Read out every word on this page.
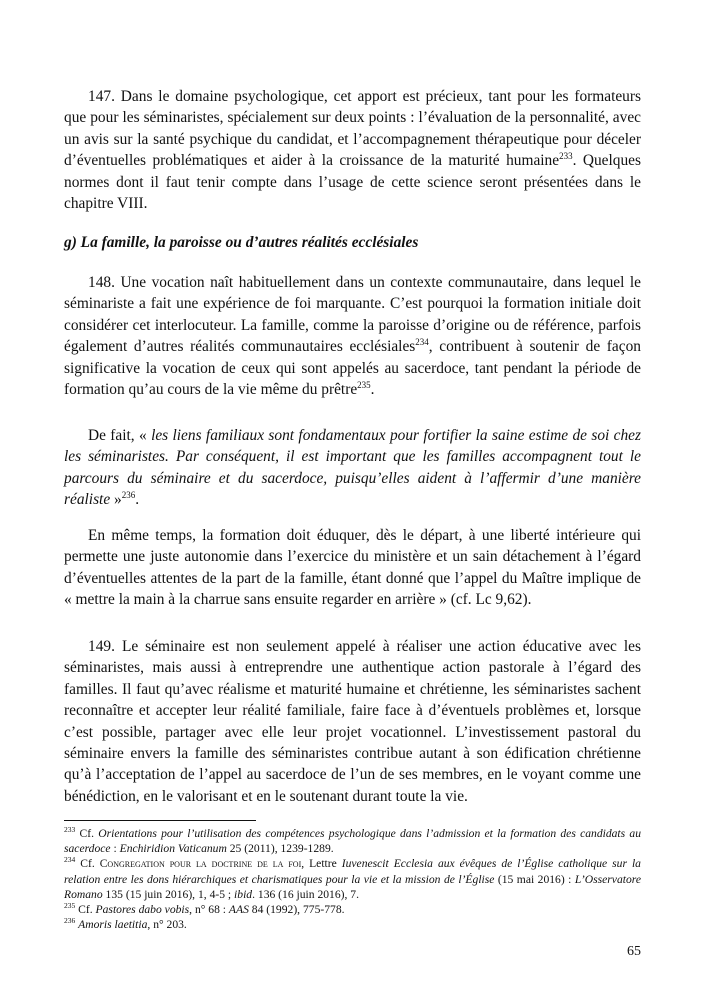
147. Dans le domaine psychologique, cet apport est précieux, tant pour les formateurs que pour les séminaristes, spécialement sur deux points : l’évaluation de la personnalité, avec un avis sur la santé psychique du candidat, et l’accompagnement thérapeutique pour déceler d’éventuelles problématiques et aider à la croissance de la maturité humaine$^{233}$. Quelques normes dont il faut tenir compte dans l’usage de cette science seront présentées dans le chapitre VIII.

g) La famille, la paroisse ou d’autres réalités ecclésiales

148. Une vocation naît habituellement dans un contexte communautaire, dans lequel le séminariste a fait une expérience de foi marquante. C’est pourquoi la formation initiale doit considérer cet interlocuteur. La famille, comme la paroisse d’origine ou de référence, parfois également d’autres réalités communautaires ecclésiales$^{234}$, contribuent à soutenir de façon significative la vocation de ceux qui sont appelés au sacerdoce, tant pendant la période de formation qu’au cours de la vie même du prêtre$^{235}$.

De fait, « les liens familiaux sont fondamentaux pour fortifier la saine estime de soi chez les séminaristes. Par conséquent, il est important que les familles accompagnent tout le parcours du séminaire et du sacerdoce, puisqu’elles aident à l’affermir d’une manière réaliste »$^{236}$.

En même temps, la formation doit éduquer, dès le départ, à une liberté intérieure qui permette une juste autonomie dans l’exercice du ministère et un sain détachement à l’égard d’éventuelles attentes de la part de la famille, étant donné que l’appel du Maître implique de « mettre la main à la charrue sans ensuite regarder en arrière » (cf. Lc 9,62).

149. Le séminaire est non seulement appelé à réaliser une action éducative avec les séminaristes, mais aussi à entreprendre une authentique action pastorale à l’égard des familles. Il faut qu’avec réalisme et maturité humaine et chrétienne, les séminaristes sachent reconnaître et accepter leur réalité familiale, faire face à d’éventuels problèmes et, lorsque c’est possible, partager avec elle leur projet vocationnel. L’investissement pastoral du séminaire envers la famille des séminaristes contribue autant à son édification chrétienne qu’à l’acceptation de l’appel au sacerdoce de l’un de ses membres, en le voyant comme une bénédiction, en le valorisant et en le soutenant durant toute la vie.

$^{233}$ Cf. Orientations pour l’utilisation des compétences psychologique dans l’admission et la formation des candidats au sacerdoce : Enchiridion Vaticanum 25 (2011), 1239-1289.

$^{234}$ Cf. Congregation pour la doctrine de la foi, Lettre Iuvenescit Ecclesia aux évêques de l’Église catholique sur la relation entre les dons hiérarchiques et charismatiques pour la vie et la mission de l’Église (15 mai 2016) : L’Osservatore Romano 135 (15 juin 2016), 1, 4-5 ; ibid. 136 (16 juin 2016), 7.

$^{235}$ Cf. Pastores dabo vobis, n° 68 : AAS 84 (1992), 775-778.

$^{236}$ Amoris laetitia, n° 203.

65
